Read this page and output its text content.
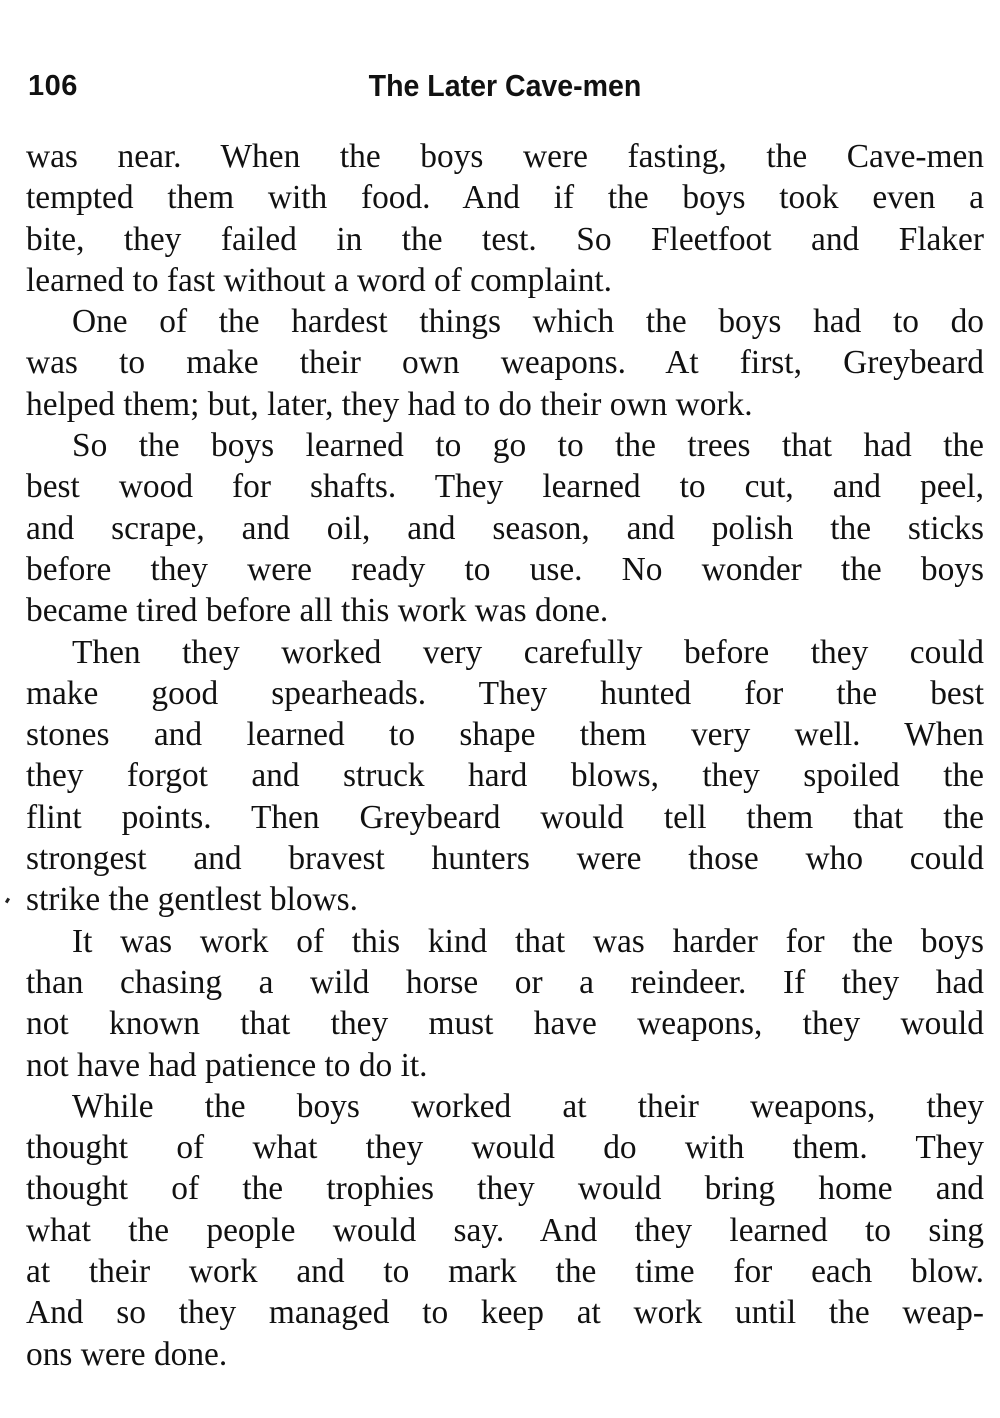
106	The Later Cave-men
was near. When the boys were fasting, the Cave-men
tempted them with food. And if the boys took even a
bite, they failed in the test. So Fleetfoot and Flaker
learned to fast without a word of complaint.
One of the hardest things which the boys had to do
was to make their own weapons. At first, Greybeard
helped them; but, later, they had to do their own work.
So the boys learned to go to the trees that had the
best wood for shafts. They learned to cut, and peel,
and scrape, and oil, and season, and polish the sticks
before they were ready to use. No wonder the boys
became tired before all this work was done.
Then they worked very carefully before they could
make good spearheads. They hunted for the best
stones and learned to shape them very well. When
they forgot and struck hard blows, they spoiled the
flint points. Then Greybeard would tell them that the
strongest and bravest hunters were those who could
strike the gentlest blows.
It was work of this kind that was harder for the boys
than chasing a wild horse or a reindeer. If they had
not known that they must have weapons, they would
not have had patience to do it.
While the boys worked at their weapons, they
thought of what they would do with them. They
thought of the trophies they would bring home and
what the people would say. And they learned to sing
at their work and to mark the time for each blow.
And so they managed to keep at work until the weap-
ons were done.
